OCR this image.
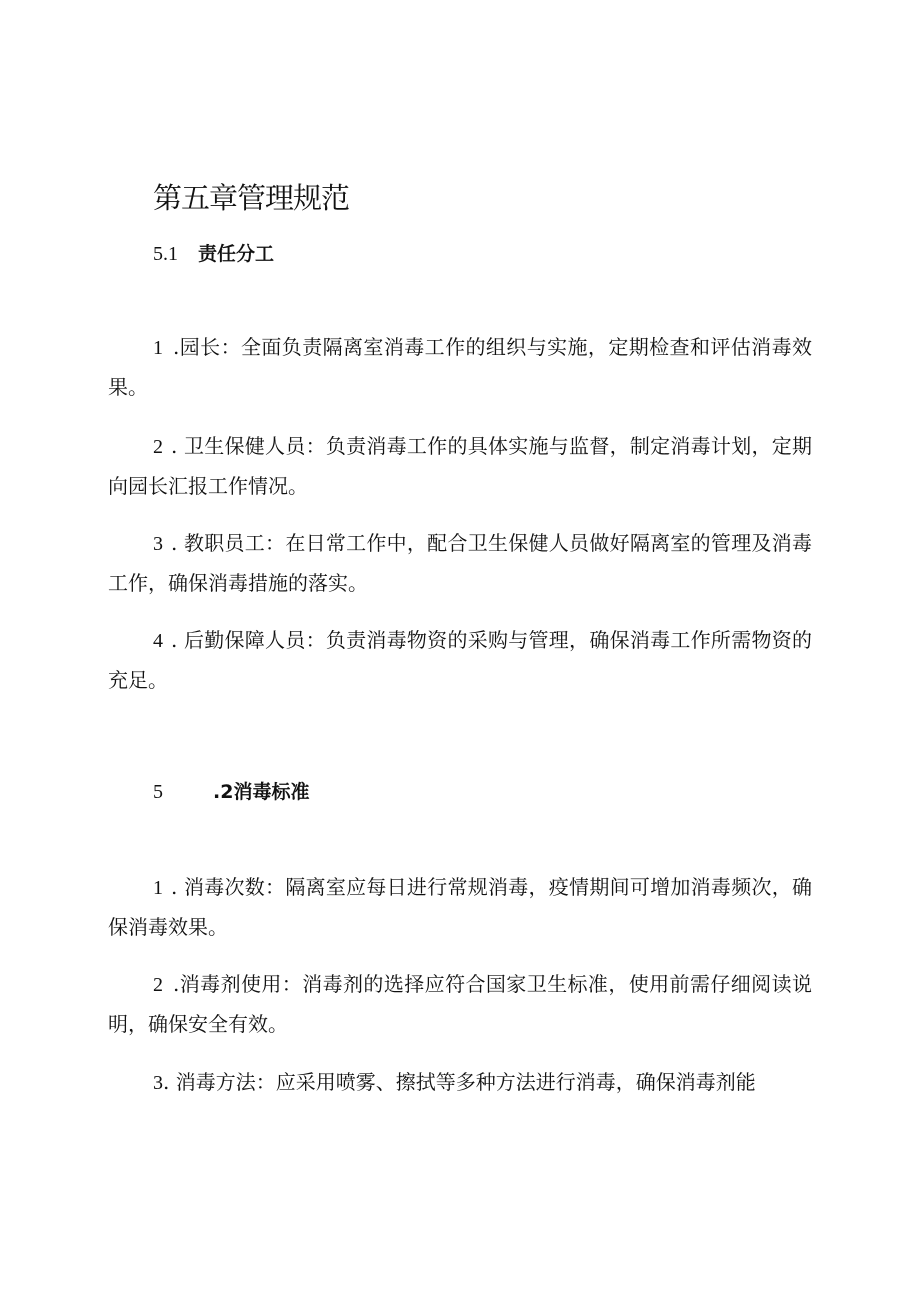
第五章管理规范
5.1 责任分工
1 .园长：全面负责隔离室消毒工作的组织与实施，定期检查和评估消毒效果。
2 . 卫生保健人员：负责消毒工作的具体实施与监督，制定消毒计划，定期向园长汇报工作情况。
3 . 教职员工：在日常工作中，配合卫生保健人员做好隔离室的管理及消毒工作，确保消毒措施的落实。
4 . 后勤保障人员：负责消毒物资的采购与管理，确保消毒工作所需物资的充足。
5	.2消毒标准
1 . 消毒次数：隔离室应每日进行常规消毒，疫情期间可增加消毒频次，确保消毒效果。
2 .消毒剂使用：消毒剂的选择应符合国家卫生标准，使用前需仔细阅读说明，确保安全有效。
3. 消毒方法：应采用喷雾、擦拭等多种方法进行消毒，确保消毒剂能
